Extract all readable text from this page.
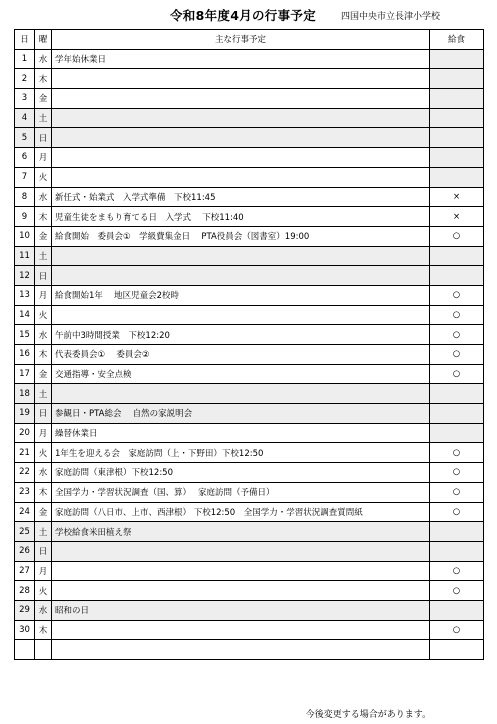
令和8年度4月の行事予定	四国中央市立長津小学校
日	曜	主な行事予定	給食
1	水	学年始休業日	
2	木		
3	金		
4	土		
5	日		
6	月		
7	火		
8	水	新任式・始業式　入学式準備　下校11:45	×
9	木	児童生徒をまもり育てる日　入学式　 下校11:40	×
10	金	給食開始　委員会①　学級費集金日　 PTA役員会（図書室）19:00	○
11	土		
12	日		
13	月	給食開始1年　 地区児童会2校時	○
14	火		○
15	水	午前中3時間授業　下校12:20	○
16	木	代表委員会①　 委員会②	○
17	金	交通指導・安全点検	○
18	土		
19	日	参観日・PTA総会　 自然の家説明会	
20	月	繰替休業日	
21	火	1年生を迎える会　家庭訪問（上・下野田）下校12:50	○
22	水	家庭訪問（東津根）下校12:50	○
23	木	全国学力・学習状況調査（国、算）　 家庭訪問（予備日）	○
24	金	家庭訪問（八日市、上市、西津根） 下校12:50　全国学力・学習状況調査質問紙	○
25	土	学校給食米田植え祭	
26	日		
27	月		○
28	火		○
29	水	昭和の日	
30	木		○

今後変更する場合があります。
